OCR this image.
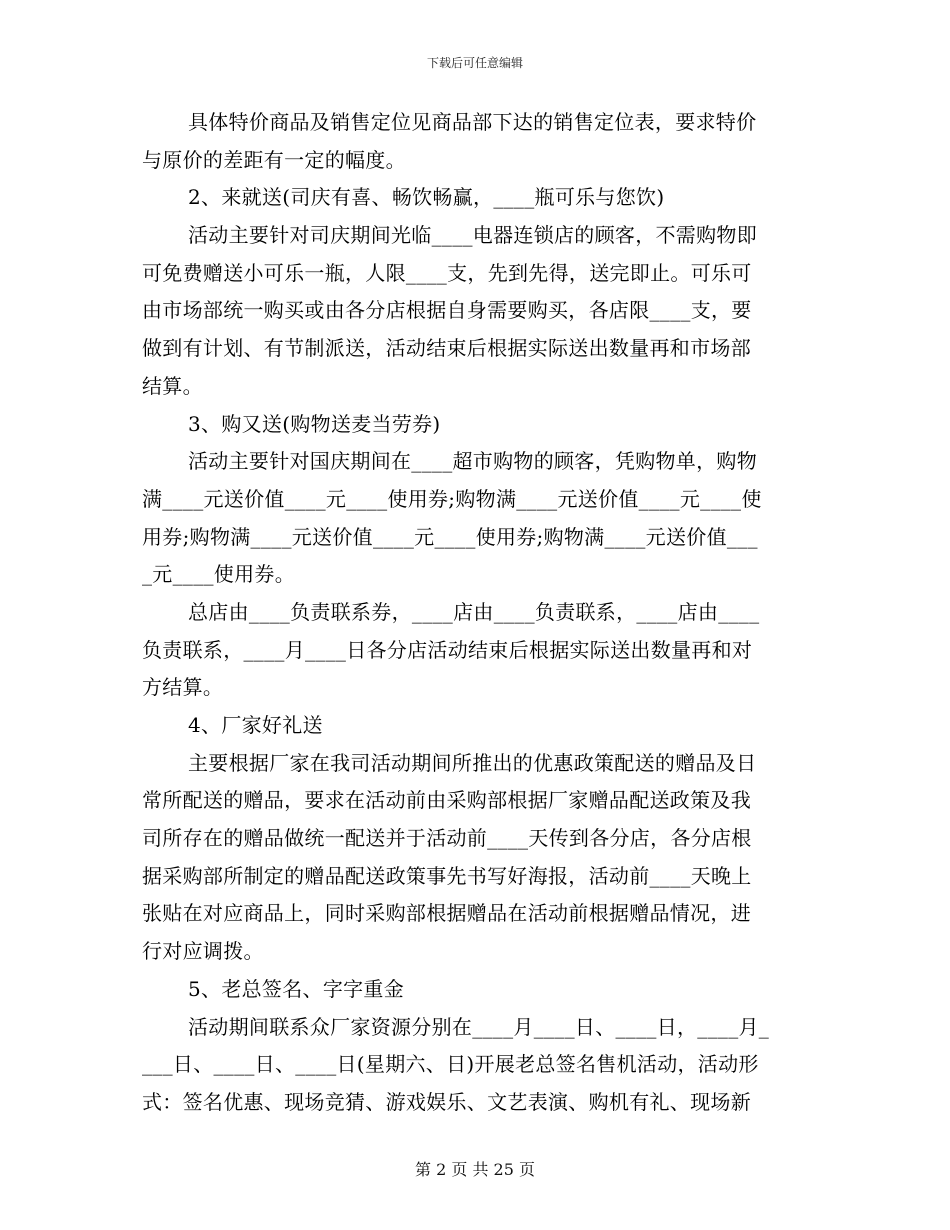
下载后可任意编辑
具体特价商品及销售定位见商品部下达的销售定位表，要求特价
与原价的差距有一定的幅度。
2、来就送(司庆有喜、畅饮畅赢，____瓶可乐与您饮)
活动主要针对司庆期间光临____电器连锁店的顾客，不需购物即
可免费赠送小可乐一瓶，人限____支，先到先得，送完即止。可乐可
由市场部统一购买或由各分店根据自身需要购买，各店限____支，要
做到有计划、有节制派送，活动结束后根据实际送出数量再和市场部
结算。
3、购又送(购物送麦当劳券)
活动主要针对国庆期间在____超市购物的顾客，凭购物单，购物
满____元送价值____元____使用券;购物满____元送价值____元____使
用券;购物满____元送价值____元____使用券;购物满____元送价值___
_元____使用券。
总店由____负责联系券，____店由____负责联系，____店由____
负责联系，____月____日各分店活动结束后根据实际送出数量再和对
方结算。
4、厂家好礼送
主要根据厂家在我司活动期间所推出的优惠政策配送的赠品及日
常所配送的赠品，要求在活动前由采购部根据厂家赠品配送政策及我
司所存在的赠品做统一配送并于活动前____天传到各分店，各分店根
据采购部所制定的赠品配送政策事先书写好海报，活动前____天晚上
张贴在对应商品上，同时采购部根据赠品在活动前根据赠品情况，进
行对应调拨。
5、老总签名、字字重金
活动期间联系众厂家资源分别在____月____日、____日，____月_
___日、____日、____日(星期六、日)开展老总签名售机活动，活动形
式：签名优惠、现场竞猜、游戏娱乐、文艺表演、购机有礼、现场新
第 2 页 共 25 页
